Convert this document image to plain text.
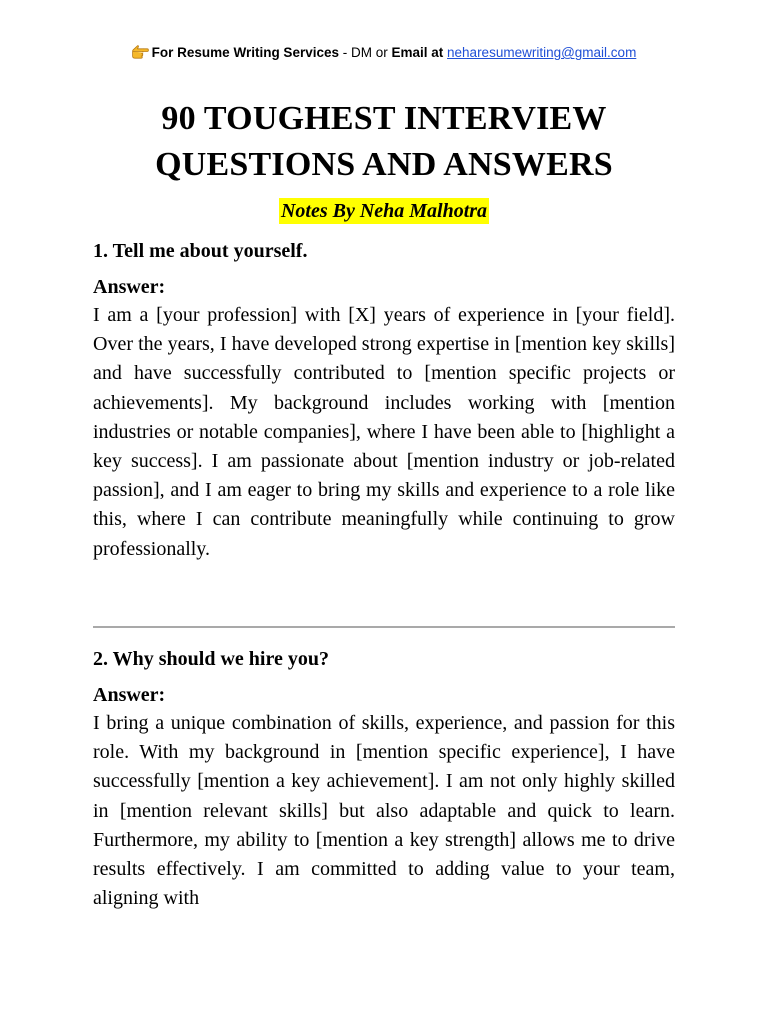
For Resume Writing Services - DM or Email at neharesumewriting@gmail.com
90 TOUGHEST INTERVIEW
QUESTIONS AND ANSWERS
Notes By Neha Malhotra

1. Tell me about yourself.

Answer:

I am a [your profession] with [X] years of experience in [your field]. Over the years, I have developed strong expertise in [mention key skills] and have successfully contributed to [mention specific projects or achievements]. My background includes working with [mention industries or notable companies], where I have been able to [highlight a key success]. I am passionate about [mention industry or job-related passion], and I am eager to bring my skills and experience to a role like this, where I can contribute meaningfully while continuing to grow professionally.

2. Why should we hire you?

Answer:

I bring a unique combination of skills, experience, and passion for this role. With my background in [mention specific experience], I have successfully [mention a key achievement]. I am not only highly skilled in [mention relevant skills] but also adaptable and quick to learn. Furthermore, my ability to [mention a key strength] allows me to drive results effectively. I am committed to adding value to your team, aligning with
